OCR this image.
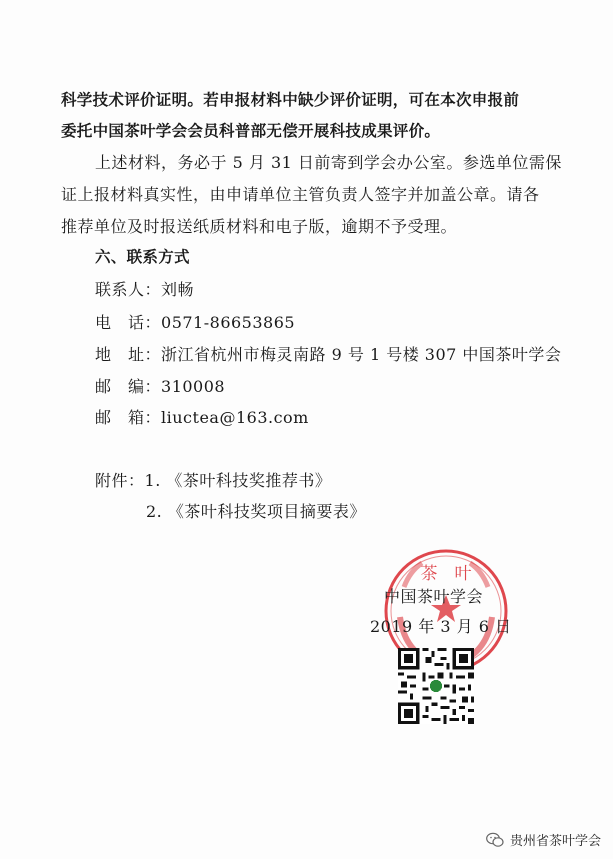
科学技术评价证明。若申报材料中缺少评价证明，可在本次申报前
委托中国茶叶学会会员科普部无偿开展科技成果评价。
上述材料，务必于 5 月 31 日前寄到学会办公室。参选单位需保
证上报材料真实性，由申请单位主管负责人签字并加盖公章。请各
推荐单位及时报送纸质材料和电子版，逾期不予受理。
六、联系方式
联系人：刘畅
电　话：0571-86653865
地　址：浙江省杭州市梅灵南路 9 号 1 号楼 307 中国茶叶学会
邮　编：310008
邮　箱：liuctea@163.com
附件：1. 《茶叶科技奖推荐书》
2. 《茶叶科技奖项目摘要表》
茶　叶
中国茶叶学会
2019 年 3 月 6 日
贵州省茶叶学会
